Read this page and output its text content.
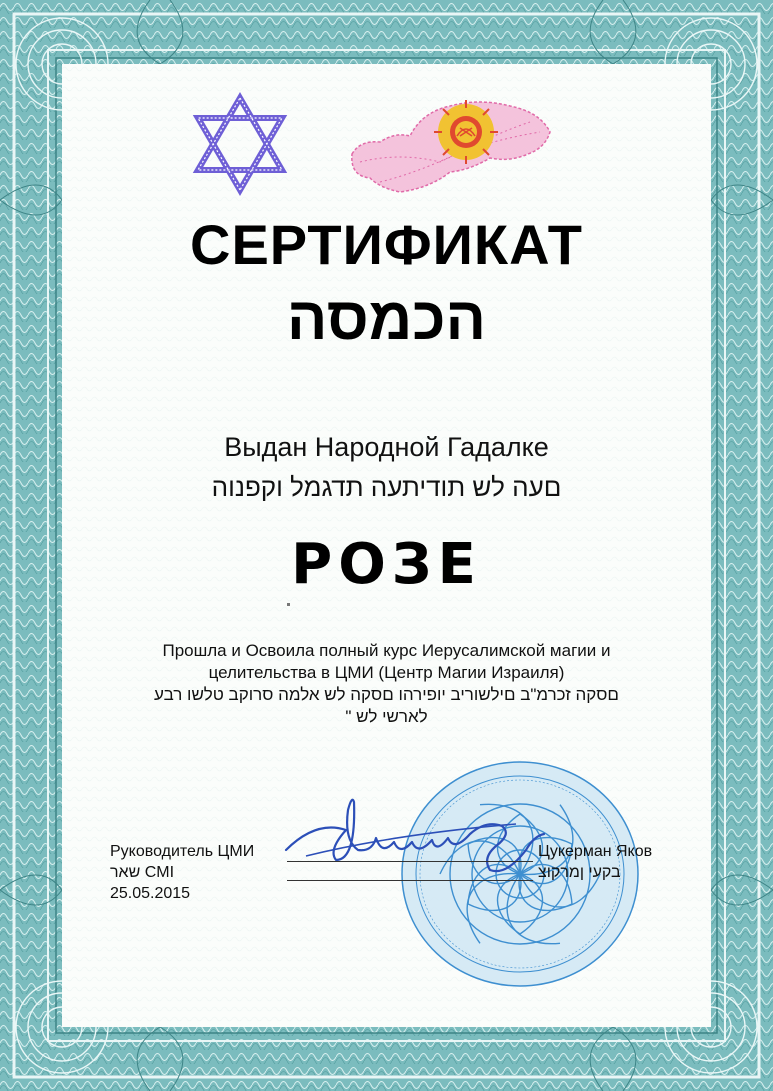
СЕРТИФИКАТ
הכמסה
Выдан Народной Гадалке
םעה לש תודיתעה תדגמל וקפנוה
РОЗЕ
Прошла и Освоила полный курс Иерусалимской магии и
целительства в ЦМИ (Центр Магии Израиля)
םסקה זכרמ"ב םילשוריב יופירהו םסקה לש אלמה סרוקב טלשו רבע
" לארשי לש
Руководитель ЦМИ
שאר CMI
25.05.2015
Цукерман Яков
בקעי ןמרקוצ
